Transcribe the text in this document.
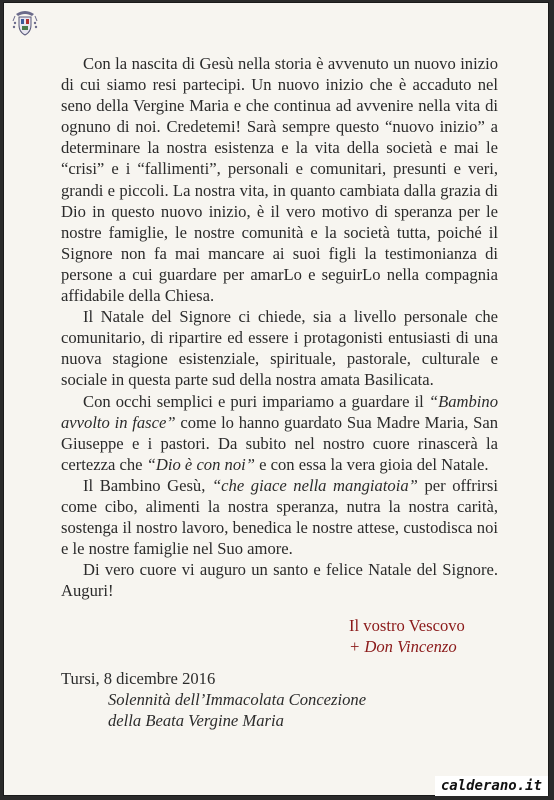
Con la nascita di Gesù nella storia è avvenuto un nuovo inizio di cui siamo resi partecipi. Un nuovo inizio che è accaduto nel seno della Vergine Maria e che continua ad avvenire nella vita di ognuno di noi. Credetemi! Sarà sempre questo “nuovo inizio” a determinare la nostra esistenza e la vita della società e mai le “crisi” e i “fallimenti”, personali e comunitari, presunti e veri, grandi e piccoli. La nostra vita, in quanto cambiata dalla grazia di Dio in questo nuovo inizio, è il vero motivo di speranza per le nostre famiglie, le nostre comunità e la società tutta, poiché il Signore non fa mai mancare ai suoi figli la testimonianza di persone a cui guardare per amarLo e seguirLo nella compagnia affidabile della Chiesa.

Il Natale del Signore ci chiede, sia a livello personale che comunitario, di ripartire ed essere i protagonisti entusiasti di una nuova stagione esistenziale, spirituale, pastorale, culturale e sociale in questa parte sud della nostra amata Basilicata.

Con occhi semplici e puri impariamo a guardare il “Bambino avvolto in fasce” come lo hanno guardato Sua Madre Maria, San Giuseppe e i pastori. Da subito nel nostro cuore rinascerà la certezza che “Dio è con noi” e con essa la vera gioia del Natale.

Il Bambino Gesù, “che giace nella mangiatoia” per offrirsi come cibo, alimenti la nostra speranza, nutra la nostra carità, sostenga il nostro lavoro, benedica le nostre attese, custodisca noi e le nostre famiglie nel Suo amore.

Di vero cuore vi auguro un santo e felice Natale del Signore. Auguri!

Il vostro Vescovo
+ Don Vincenzo
Tursi, 8 dicembre 2016
Solennità dell’Immacolata Concezione
della Beata Vergine Maria
calderano.it
